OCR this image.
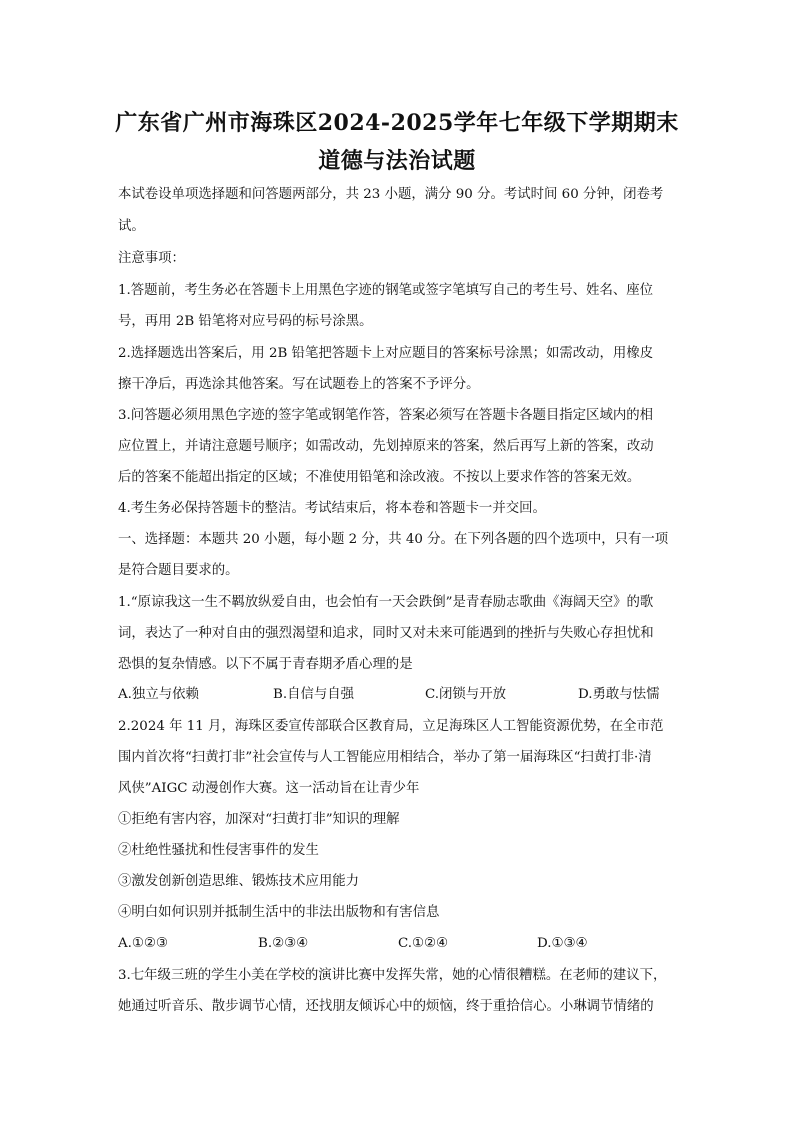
广东省广州市海珠区2024-2025学年七年级下学期期末
道德与法治试题

本试卷设单项选择题和问答题两部分，共 23 小题，满分 90 分。考试时间 60 分钟，闭卷考

试。

注意事项：

1.答题前，考生务必在答题卡上用黑色字迹的钢笔或签字笔填写自己的考生号、姓名、座位

号，再用 2B 铅笔将对应号码的标号涂黑。

2.选择题选出答案后，用 2B 铅笔把答题卡上对应题目的答案标号涂黑；如需改动，用橡皮

擦干净后，再选涂其他答案。写在试题卷上的答案不予评分。

3.问答题必须用黑色字迹的签字笔或钢笔作答，答案必须写在答题卡各题目指定区域内的相

应位置上，并请注意题号顺序；如需改动，先划掉原来的答案，然后再写上新的答案，改动

后的答案不能超出指定的区域；不准使用铅笔和涂改液。不按以上要求作答的答案无效。

4.考生务必保持答题卡的整洁。考试结束后，将本卷和答题卡一并交回。

一、选择题：本题共 20 小题，每小题 2 分，共 40 分。在下列各题的四个选项中，只有一项

是符合题目要求的。

1.“原谅我这一生不羁放纵爱自由，也会怕有一天会跌倒”是青春励志歌曲《海阔天空》的歌

词，表达了一种对自由的强烈渴望和追求，同时又对未来可能遇到的挫折与失败心存担忧和

恐惧的复杂情感。以下不属于青春期矛盾心理的是

A.独立与依赖	B.自信与自强	C.闭锁与开放	D.勇敢与怯懦

2.2024 年 11 月，海珠区委宣传部联合区教育局，立足海珠区人工智能资源优势，在全市范

围内首次将“扫黄打非”社会宣传与人工智能应用相结合，举办了第一届海珠区“扫黄打非·清

风侠”AIGC 动漫创作大赛。这一活动旨在让青少年

①拒绝有害内容，加深对“扫黄打非”知识的理解

②杜绝性骚扰和性侵害事件的发生

③激发创新创造思维、锻炼技术应用能力

④明白如何识别并抵制生活中的非法出版物和有害信息

A.①②③	B.②③④	C.①②④	D.①③④

3.七年级三班的学生小美在学校的演讲比赛中发挥失常，她的心情很糟糕。在老师的建议下，

她通过听音乐、散步调节心情，还找朋友倾诉心中的烦恼，终于重拾信心。小琳调节情绪的
